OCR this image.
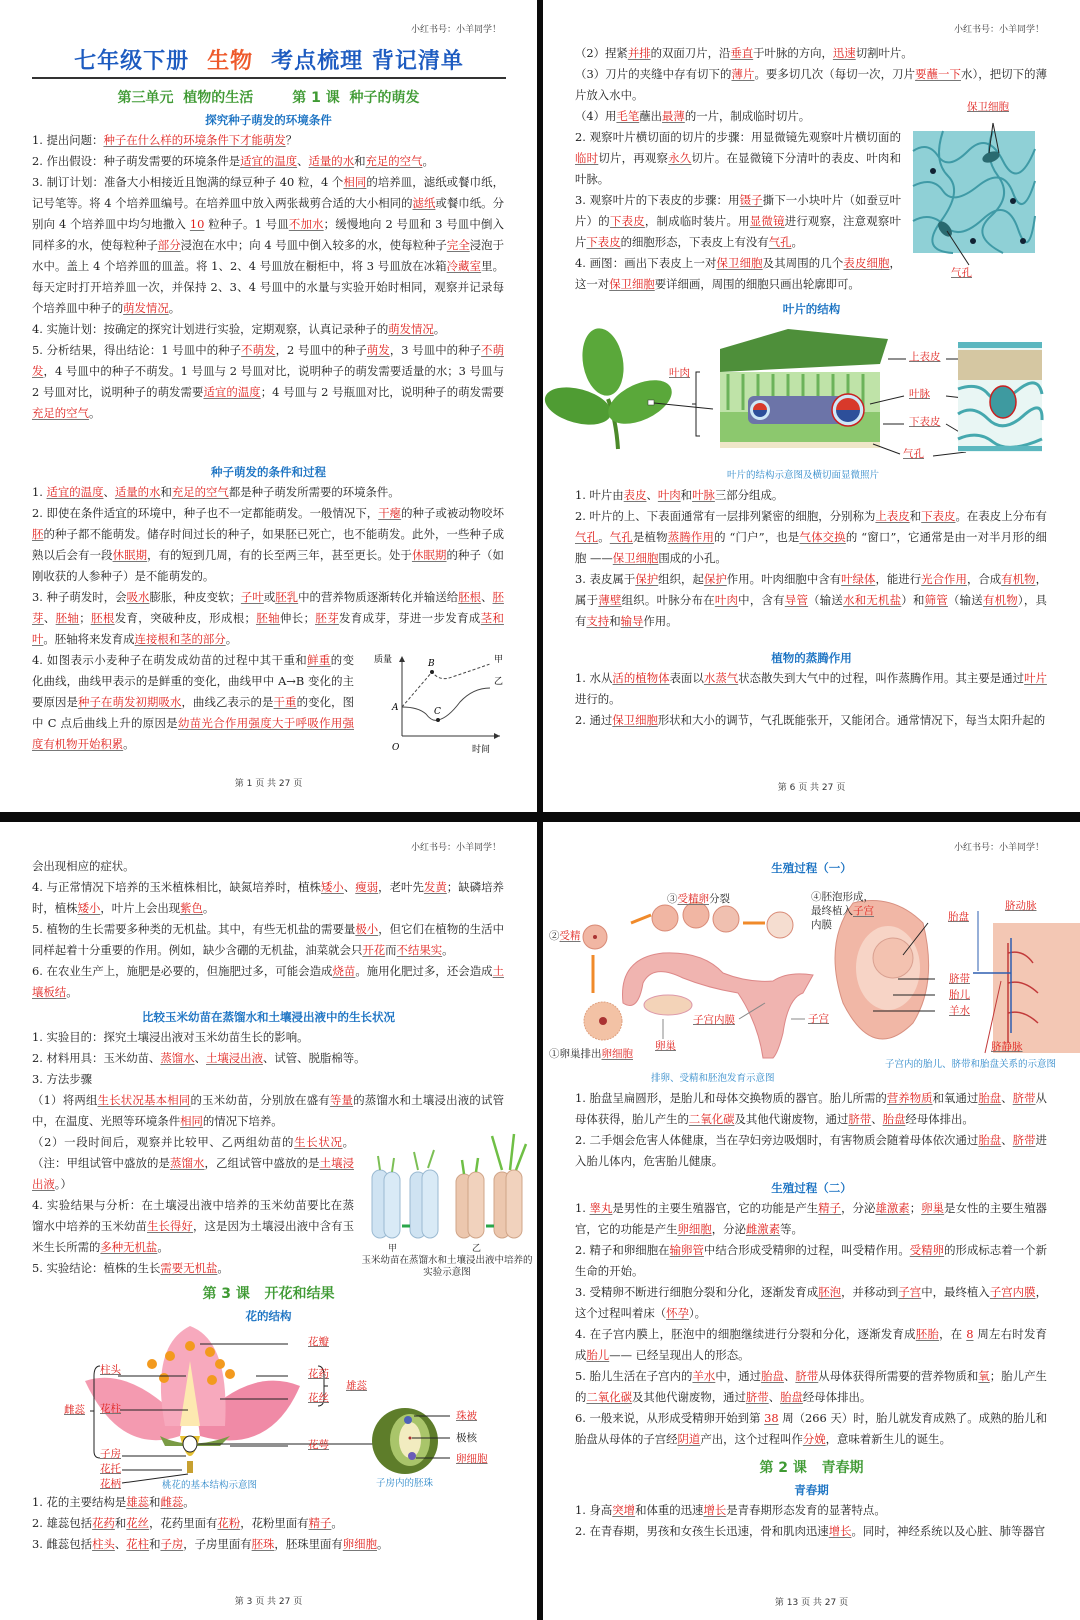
小红书号：小羊同学！
七年级下册 生物 考点梳理 背记清单
第三单元  植物的生活        第 1 课  种子的萌发
探究种子萌发的环境条件

1. 提出问题：种子在什么样的环境条件下才能萌发？

2. 作出假设：种子萌发需要的环境条件是适宜的温度、适量的水和充足的空气。

3. 制订计划：准备大小相接近且饱满的绿豆种子 40 粒，4 个相同的培养皿，滤纸或餐巾纸，记号笔等。将 4 个培养皿编号。在培养皿中放入两张裁剪合适的大小相同的滤纸或餐巾纸。分别向 4 个培养皿中均匀地撒入 10 粒种子。1 号皿不加水；缓慢地向 2 号皿和 3 号皿中倒入同样多的水，使每粒种子部分浸泡在水中；向 4 号皿中倒入较多的水，使每粒种子完全浸泡于水中。盖上 4 个培养皿的皿盖。将 1、2、4 号皿放在橱柜中，将 3 号皿放在冰箱冷藏室里。每天定时打开培养皿一次，并保持 2、3、4 号皿中的水量与实验开始时相同，观察并记录每个培养皿中种子的萌发情况。

4. 实施计划：按确定的探究计划进行实验，定期观察，认真记录种子的萌发情况。

5. 分析结果，得出结论：1 号皿中的种子不萌发，2 号皿中的种子萌发，3 号皿中的种子不萌发，4 号皿中的种子不萌发。1 号皿与 2 号皿对比，说明种子的萌发需要适量的水；3 号皿与 2 号皿对比，说明种子的萌发需要适宜的温度；4 号皿与 2 号瓶皿对比，说明种子的萌发需要充足的空气。

种子萌发的条件和过程

1. 适宜的温度、适量的水和充足的空气都是种子萌发所需要的环境条件。

2. 即使在条件适宜的环境中，种子也不一定都能萌发。一般情况下，干瘪的种子或被动物咬坏胚的种子都不能萌发。储存时间过长的种子，如果胚已死亡，也不能萌发。此外，一些种子成熟以后会有一段休眠期，有的短到几周，有的长至两三年，甚至更长。处于休眠期的种子（如刚收获的人参种子）是不能萌发的。

3. 种子萌发时，会吸水膨胀，种皮变软；子叶或胚乳中的营养物质逐渐转化并输送给胚根、胚芽、胚轴；胚根发育，突破种皮，形成根；胚轴伸长；胚芽发育成芽，芽进一步发育成茎和叶。胚轴将来发育成连接根和茎的部分。

4. 如图表示小麦种子在萌发成幼苗的过程中其干重和鲜重的变化曲线，曲线甲表示的是鲜重的变化，曲线甲中 A→B 变化的主要原因是种子在萌发初期吸水，曲线乙表示的是干重的变化，图中 C 点后曲线上升的原因是幼苗光合作用强度大于呼吸作用强度有机物开始积累。

质量
时间
O
A
B
C
甲
乙
第 1 页 共 27 页
小红书号：小羊同学！

（2）捏紧并排的双面刀片，沿垂直于叶脉的方向，迅速切割叶片。

（3）刀片的夹缝中存有切下的薄片。要多切几次（每切一次，刀片要蘸一下水），把切下的薄片放入水中。

（4）用毛笔蘸出最薄的一片，制成临时切片。

2. 观察叶片横切面的切片的步骤：用显微镜先观察叶片横切面的临时切片，再观察永久切片。在显微镜下分清叶的表皮、叶肉和叶脉。

3. 观察叶片的下表皮的步骤：用镊子撕下一小块叶片（如蚕豆叶片）的下表皮，制成临时装片。用显微镜进行观察，注意观察叶片下表皮的细胞形态，下表皮上有没有气孔。

4. 画图：画出下表皮上一对保卫细胞及其周围的几个表皮细胞，这一对保卫细胞要详细画，周围的细胞只画出轮廓即可。

保卫细胞
气孔
叶片的结构
叶肉
上表皮
叶脉
下表皮
气孔
叶片的结构示意图及横切面显微照片

1. 叶片由表皮、叶肉和叶脉三部分组成。

2. 叶片的上、下表面通常有一层排列紧密的细胞，分别称为上表皮和下表皮。在表皮上分布有气孔。气孔是植物蒸腾作用的 “门户”，也是气体交换的 “窗口”，它通常是由一对半月形的细胞 ——保卫细胞围成的小孔。

3. 表皮属于保护组织，起保护作用。叶肉细胞中含有叶绿体，能进行光合作用，合成有机物，属于薄壁组织。叶脉分布在叶肉中，含有导管（输送水和无机盐）和筛管（输送有机物），具有支持和输导作用。

植物的蒸腾作用

1. 水从活的植物体表面以水蒸气状态散失到大气中的过程，叫作蒸腾作用。其主要是通过叶片进行的。

2. 通过保卫细胞形状和大小的调节，气孔既能张开，又能闭合。通常情况下，每当太阳升起的

第 6 页 共 27 页
小红书号：小羊同学！

会出现相应的症状。

4. 与正常情况下培养的玉米植株相比，缺氮培养时，植株矮小、瘦弱，老叶先发黄；缺磷培养时，植株矮小，叶片上会出现紫色。

5. 植物的生长需要多种类的无机盐。其中，有些无机盐的需要量极小，但它们在植物的生活中同样起着十分重要的作用。例如，缺少含硼的无机盐，油菜就会只开花而不结果实。

6. 在农业生产上，施肥是必要的，但施肥过多，可能会造成烧苗。施用化肥过多，还会造成土壤板结。

比较玉米幼苗在蒸馏水和土壤浸出液中的生长状况

1. 实验目的：探究土壤浸出液对玉米幼苗生长的影响。

2. 材料用具：玉米幼苗、蒸馏水、土壤浸出液、试管、脱脂棉等。

3. 方法步骤

（1）将两组生长状况基本相同的玉米幼苗，分别放在盛有等量的蒸馏水和土壤浸出液的试管中，在温度、光照等环境条件相同的情况下培养。

（2）一段时间后，观察并比较甲、乙两组幼苗的生长状况。（注：甲组试管中盛放的是蒸馏水，乙组试管中盛放的是土壤浸出液。）

4. 实验结果与分析：在土壤浸出液中培养的玉米幼苗要比在蒸馏水中培养的玉米幼苗生长得好，这是因为土壤浸出液中含有玉米生长所需的多种无机盐。

5. 实验结论：植株的生长需要无机盐。

甲	乙
玉米幼苗在蒸馏水和土壤浸出液中培养的实验示意图
第 3 课   开花和结果
花的结构
柱头
花柱
子房
花托
花柄
雌蕊
花瓣
花药
花丝
雄蕊
花萼
珠被
极核
卵细胞
桃花的基本结构示意图	子房内的胚珠

1. 花的主要结构是雄蕊和雌蕊。

2. 雄蕊包括花药和花丝，花药里面有花粉，花粉里面有精子。

3. 雌蕊包括柱头、花柱和子房，子房里面有胚珠，胚珠里面有卵细胞。

第 3 页 共 27 页
小红书号：小羊同学！
生殖过程（一）
③受精卵分裂	④胚泡形成，
最终植入子宫
内膜
②受精
①卵巢排出卵细胞
子宫内膜	子宫
卵巢
排卵、受精和胚泡发育示意图
胎盘
脐带
胎儿
羊水
脐动脉
脐静脉
子宫内的胎儿、脐带和胎盘关系的示意图

1. 胎盘呈扁圆形，是胎儿和母体交换物质的器官。胎儿所需的营养物质和氧通过胎盘、脐带从母体获得，胎儿产生的二氧化碳及其他代谢废物，通过脐带、胎盘经母体排出。

2. 二手烟会危害人体健康，当在孕妇旁边吸烟时，有害物质会随着母体依次通过胎盘、脐带进入胎儿体内，危害胎儿健康。

生殖过程（二）

1. 睾丸是男性的主要生殖器官，它的功能是产生精子，分泌雄激素；卵巢是女性的主要生殖器官，它的功能是产生卵细胞，分泌雌激素等。

2. 精子和卵细胞在输卵管中结合形成受精卵的过程，叫受精作用。受精卵的形成标志着一个新生命的开始。

3. 受精卵不断进行细胞分裂和分化，逐渐发育成胚泡，并移动到子宫中，最终植入子宫内膜，这个过程叫着床（怀孕）。

4. 在子宫内膜上，胚泡中的细胞继续进行分裂和分化，逐渐发育成胚胎，在 8 周左右时发育成胎儿—— 已经呈现出人的形态。

5. 胎儿生活在子宫内的羊水中，通过胎盘、脐带从母体获得所需要的营养物质和氧；胎儿产生的二氧化碳及其他代谢废物，通过脐带、胎盘经母体排出。

6. 一般来说，从形成受精卵开始到第 38 周（266 天）时，胎儿就发育成熟了。成熟的胎儿和胎盘从母体的子宫经阴道产出，这个过程叫作分娩，意味着新生儿的诞生。

第 2 课   青春期
青春期

1. 身高突增和体重的迅速增长是青春期形态发育的显著特点。

2. 在青春期，男孩和女孩生长迅速，骨和肌肉迅速增长。同时，神经系统以及心脏、肺等器官

第 13 页 共 27 页
